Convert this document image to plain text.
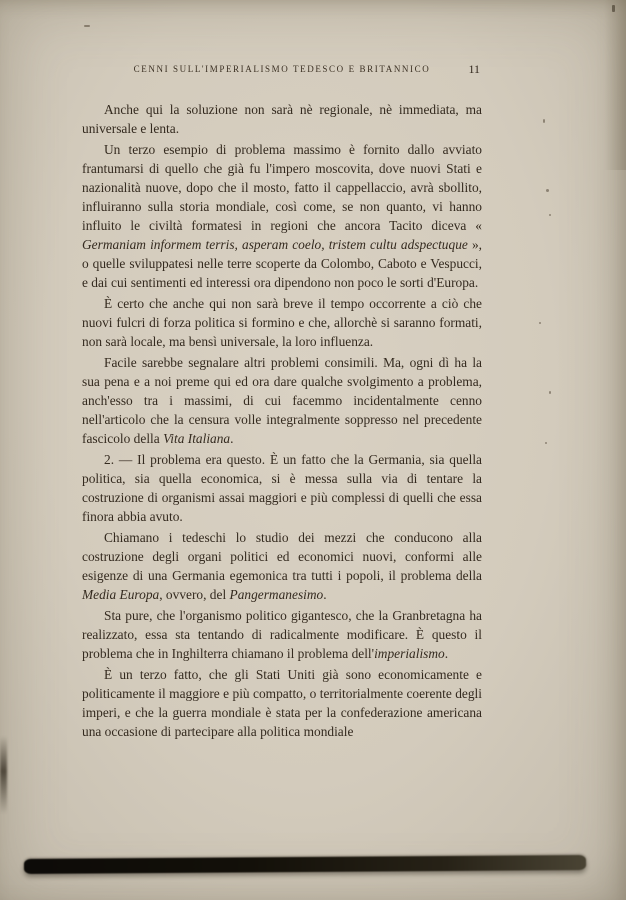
CENNI SULL'IMPERIALISMO TEDESCO E BRITANNICO	11

Anche qui la soluzione non sarà nè regionale, nè immediata, ma universale e lenta.

Un terzo esempio di problema massimo è fornito dallo avviato frantumarsi di quello che già fu l'impero moscovita, dove nuovi Stati e nazionalità nuove, dopo che il mosto, fatto il cappellaccio, avrà sbollito, influiranno sulla storia mondiale, così come, se non quanto, vi hanno influito le civiltà formatesi in regioni che ancora Tacito diceva « Germaniam informem terris, asperam coelo, tristem cultu adspectuque », o quelle sviluppatesi nelle terre scoperte da Colombo, Caboto e Vespucci, e dai cui sentimenti ed interessi ora dipendono non poco le sorti d'Europa.

È certo che anche qui non sarà breve il tempo occorrente a ciò che nuovi fulcri di forza politica si formino e che, allorchè si saranno formati, non sarà locale, ma bensì universale, la loro influenza.

Facile sarebbe segnalare altri problemi consimili. Ma, ogni dì ha la sua pena e a noi preme qui ed ora dare qualche svolgimento a problema, anch'esso tra i massimi, di cui facemmo incidentalmente cenno nell'articolo che la censura volle integralmente soppresso nel precedente fascicolo della Vita Italiana.

2. — Il problema era questo. È un fatto che la Germania, sia quella politica, sia quella economica, si è messa sulla via di tentare la costruzione di organismi assai maggiori e più complessi di quelli che essa finora abbia avuto.

Chiamano i tedeschi lo studio dei mezzi che conducono alla costruzione degli organi politici ed economici nuovi, conformi alle esigenze di una Germania egemonica tra tutti i popoli, il problema della Media Europa, ovvero, del Pangermanesimo.

Sta pure, che l'organismo politico gigantesco, che la Granbretagna ha realizzato, essa sta tentando di radicalmente modificare. È questo il problema che in Inghilterra chiamano il problema dell'imperialismo.

È un terzo fatto, che gli Stati Uniti già sono economicamente e politicamente il maggiore e più compatto, o territorialmente coerente degli imperi, e che la guerra mondiale è stata per la confederazione americana una occasione di partecipare alla politica mondiale
